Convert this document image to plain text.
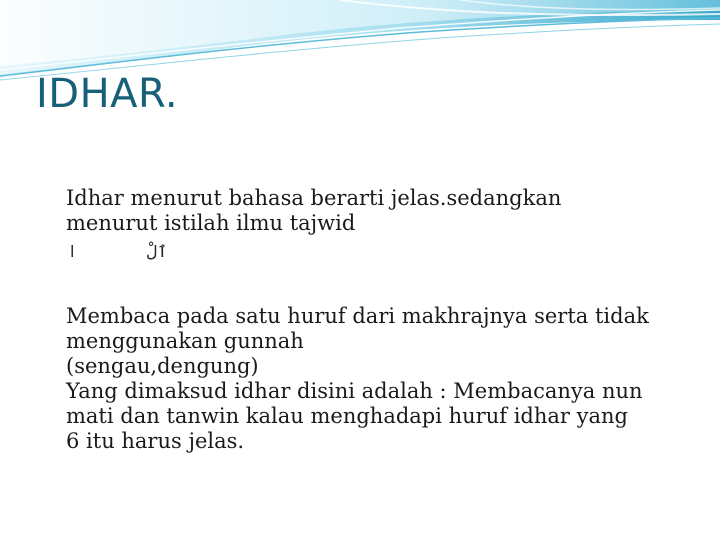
IDHAR.
Idhar menurut bahasa berarti jelas.sedangkan
menurut istilah ilmu tajwid
ا	ٱلْ
Membaca pada satu huruf dari makhrajnya serta tidak
menggunakan gunnah
(sengau,dengung)
Yang dimaksud idhar disini adalah : Membacanya nun
mati dan tanwin kalau menghadapi huruf idhar yang
6 itu harus jelas.
